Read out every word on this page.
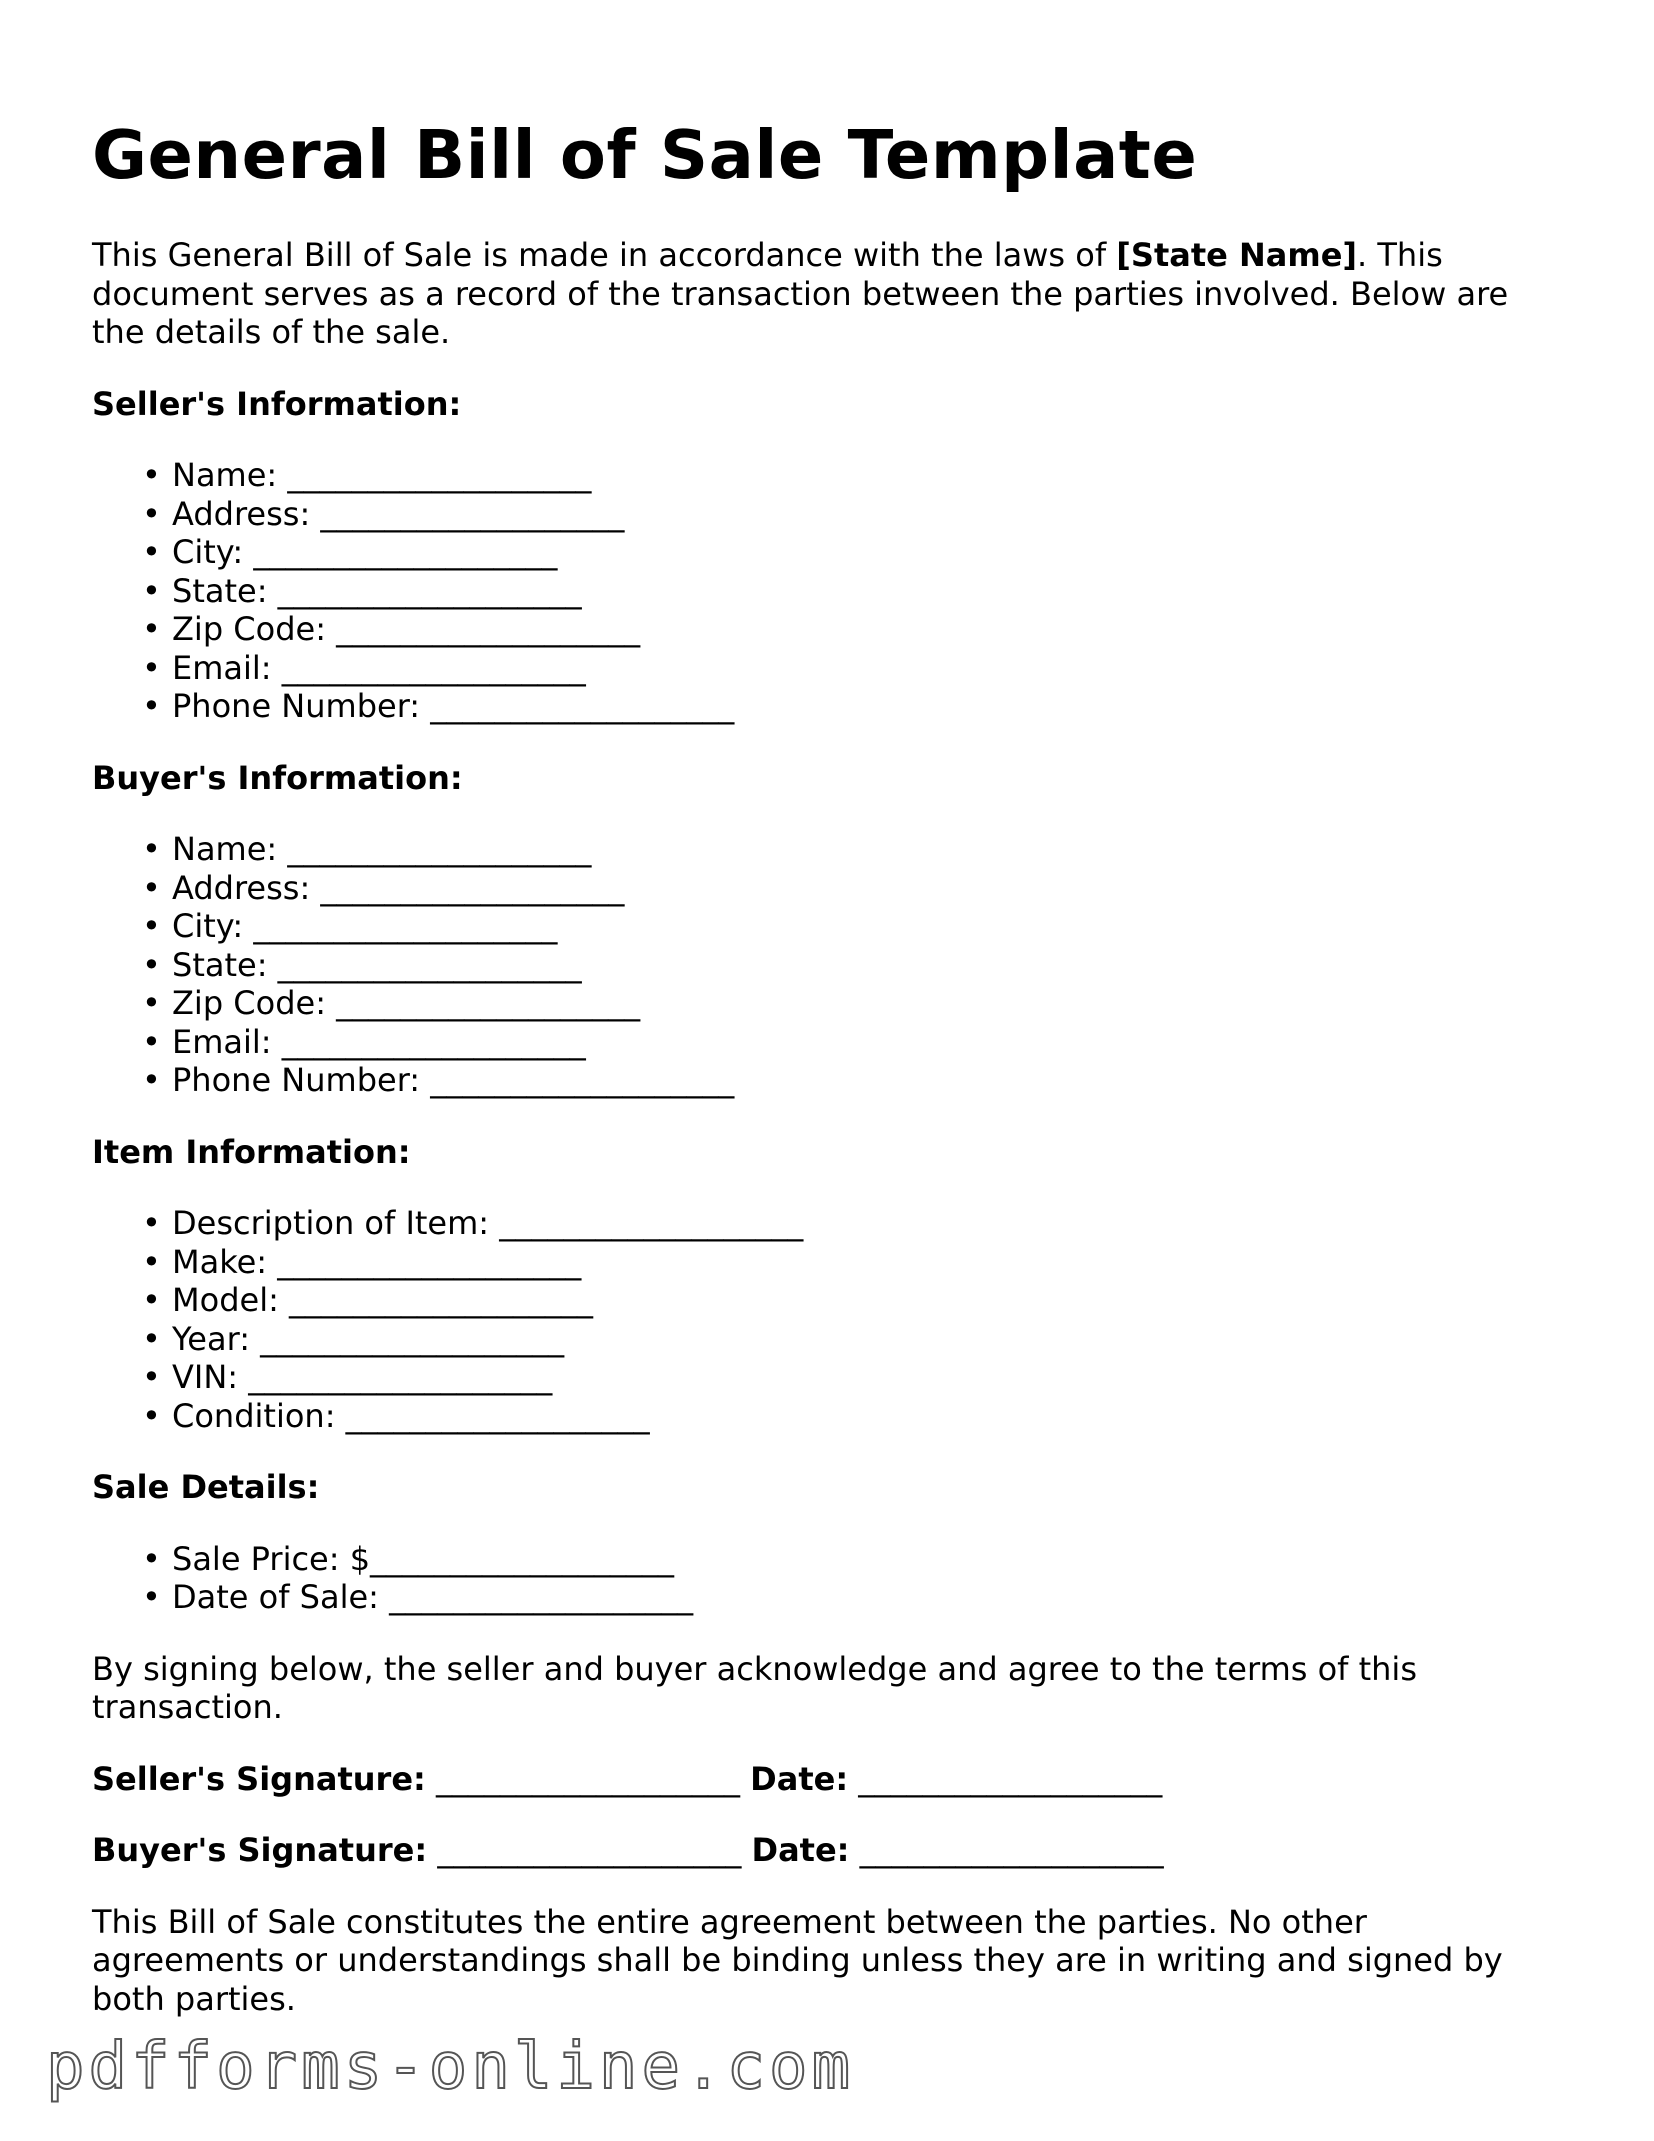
General Bill of Sale Template

This General Bill of Sale is made in accordance with the laws of [State Name]. This document serves as a record of the transaction between the parties involved. Below are the details of the sale.

Seller's Information:
• Name: ___________________
• Address: ___________________
• City: ___________________
• State: ___________________
• Zip Code: ___________________
• Email: ___________________
• Phone Number: ___________________
Buyer's Information:
• Name: ___________________
• Address: ___________________
• City: ___________________
• State: ___________________
• Zip Code: ___________________
• Email: ___________________
• Phone Number: ___________________
Item Information:
• Description of Item: ___________________
• Make: ___________________
• Model: ___________________
• Year: ___________________
• VIN: ___________________
• Condition: ___________________
Sale Details:
• Sale Price: $___________________
• Date of Sale: ___________________

By signing below, the seller and buyer acknowledge and agree to the terms of this transaction.

Seller's Signature: ___________________ Date: ___________________
Buyer's Signature: ___________________ Date: ___________________

This Bill of Sale constitutes the entire agreement between the parties. No other agreements or understandings shall be binding unless they are in writing and signed by both parties.

pdfforms-online.com
